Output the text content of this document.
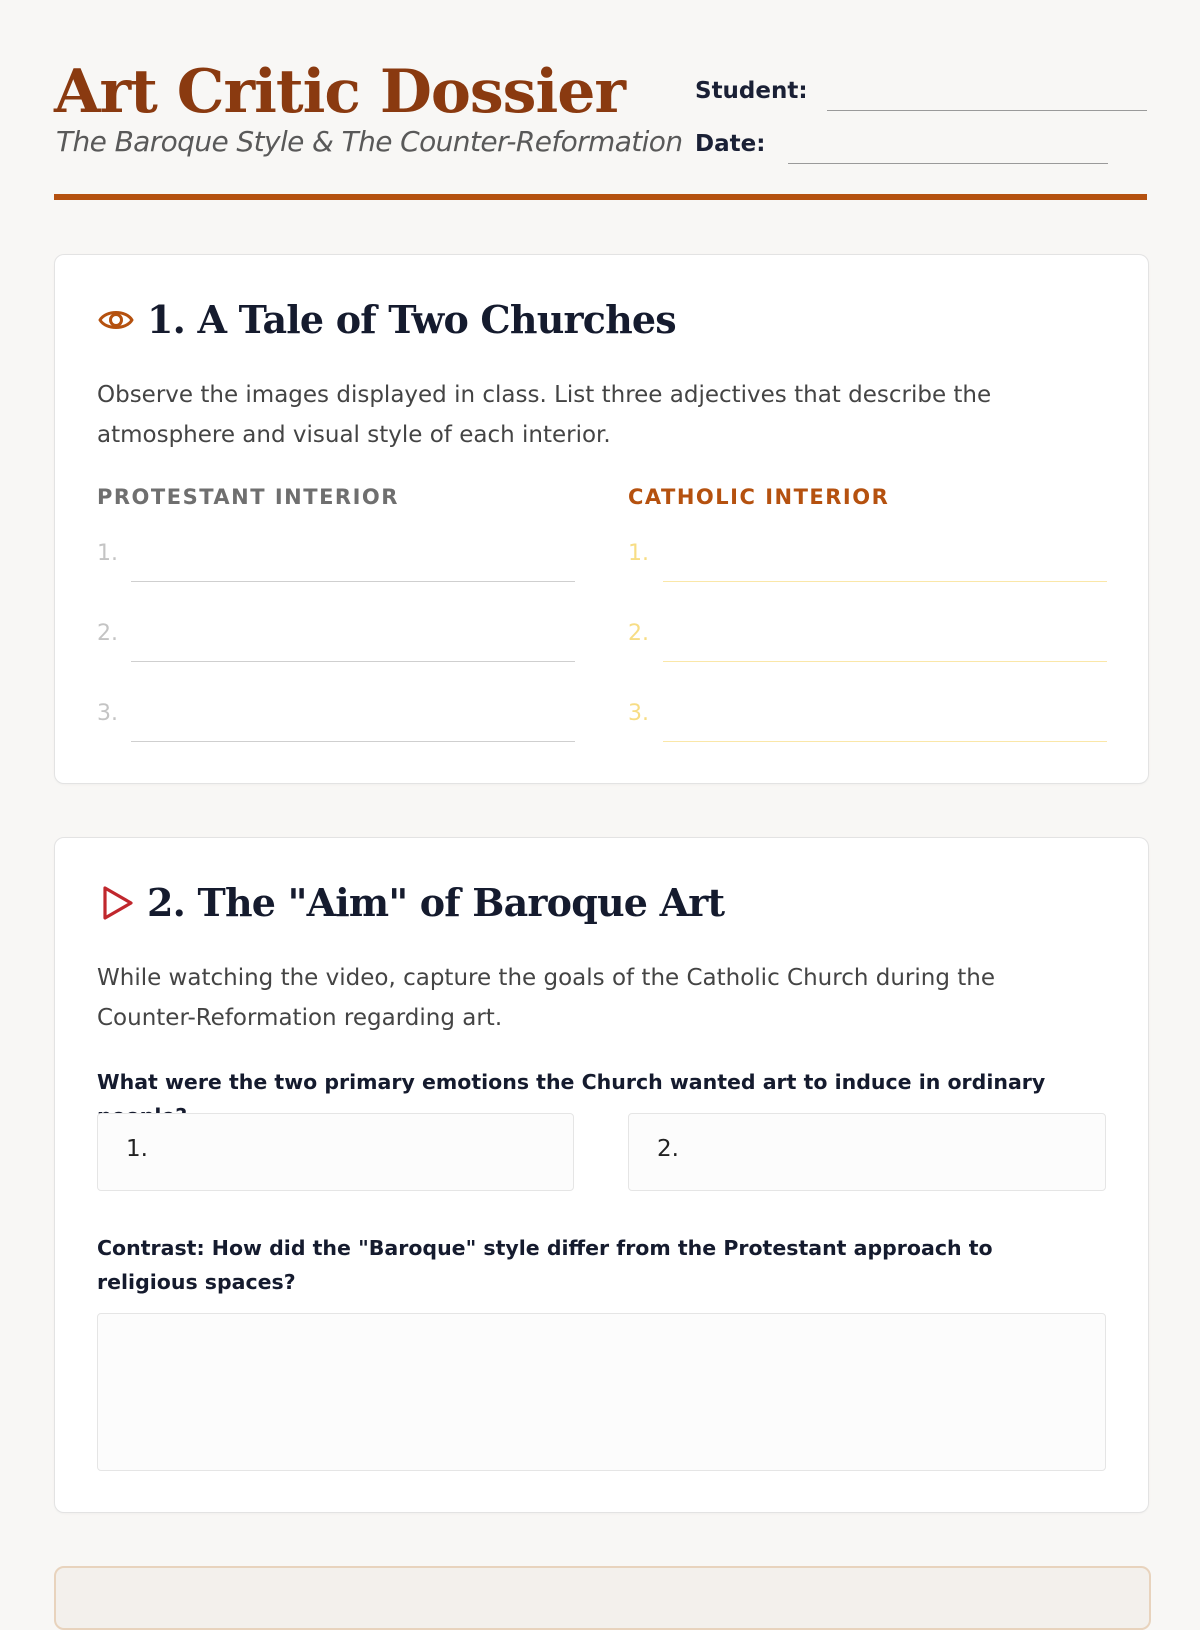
Art Critic Dossier
The Baroque Style & The Counter-Reformation
Student:
Date:
1. A Tale of Two Churches
Observe the images displayed in class. List three adjectives that describe the atmosphere and visual style of each interior.
PROTESTANT INTERIOR	CATHOLIC INTERIOR
1.
2.
3.
1.
2.
3.
2. The "Aim" of Baroque Art
While watching the video, capture the goals of the Catholic Church during the Counter-Reformation regarding art.
What were the two primary emotions the Church wanted art to induce in ordinary
1.	2.
Contrast: How did the "Baroque" style differ from the Protestant approach to religious spaces?
